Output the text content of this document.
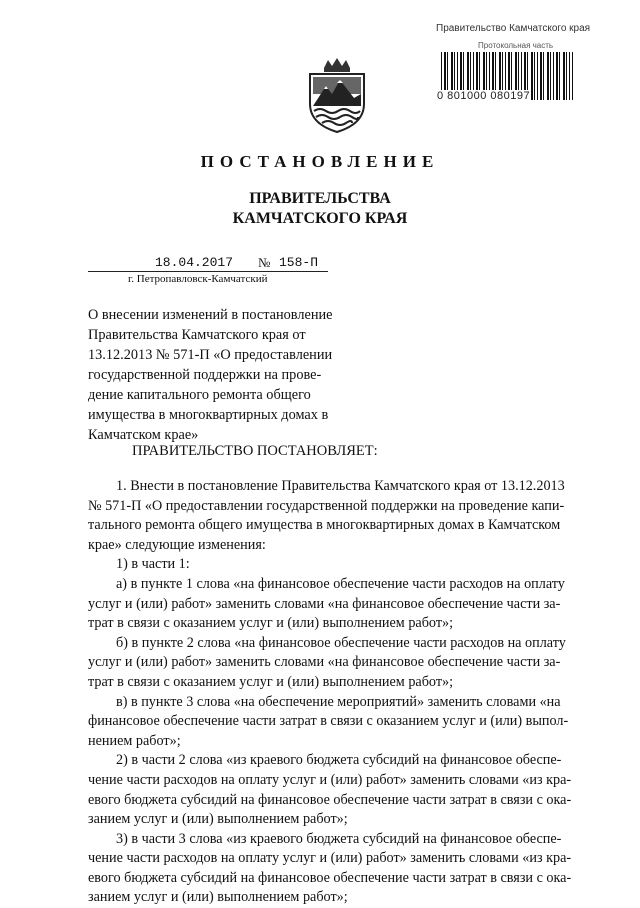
Правительство Камчатского края
Протокольная часть
0 801000 080197
ПОСТАНОВЛЕНИЕ
ПРАВИТЕЛЬСТВА
КАМЧАТСКОГО КРАЯ
18.04.2017 № 158-П
г. Петропавловск-Камчатский
О внесении изменений в постановление
Правительства Камчатского края от
13.12.2013 № 571-П «О предоставлении
государственной поддержки на прове-
дение капитального ремонта общего
имущества в многоквартирных домах в
Камчатском крае»
ПРАВИТЕЛЬСТВО ПОСТАНОВЛЯЕТ:
1. Внести в постановление Правительства Камчатского края от 13.12.2013
№ 571-П «О предоставлении государственной поддержки на проведение капи-
тального ремонта общего имущества в многоквартирных домах в Камчатском
крае» следующие изменения:
1) в части 1:
а) в пункте 1 слова «на финансовое обеспечение части расходов на оплату
услуг и (или) работ» заменить словами «на финансовое обеспечение части за-
трат в связи с оказанием услуг и (или) выполнением работ»;
б) в пункте 2 слова «на финансовое обеспечение части расходов на оплату
услуг и (или) работ» заменить словами «на финансовое обеспечение части за-
трат в связи с оказанием услуг и (или) выполнением работ»;
в) в пункте 3 слова «на обеспечение мероприятий» заменить словами «на
финансовое обеспечение части затрат в связи с оказанием услуг и (или) выпол-
нением работ»;
2) в части 2 слова «из краевого бюджета субсидий на финансовое обеспе-
чение части расходов на оплату услуг и (или) работ» заменить словами «из кра-
евого бюджета субсидий на финансовое обеспечение части затрат в связи с ока-
занием услуг и (или) выполнением работ»;
3) в части 3 слова «из краевого бюджета субсидий на финансовое обеспе-
чение части расходов на оплату услуг и (или) работ» заменить словами «из кра-
евого бюджета субсидий на финансовое обеспечение части затрат в связи с ока-
занием услуг и (или) выполнением работ»;
